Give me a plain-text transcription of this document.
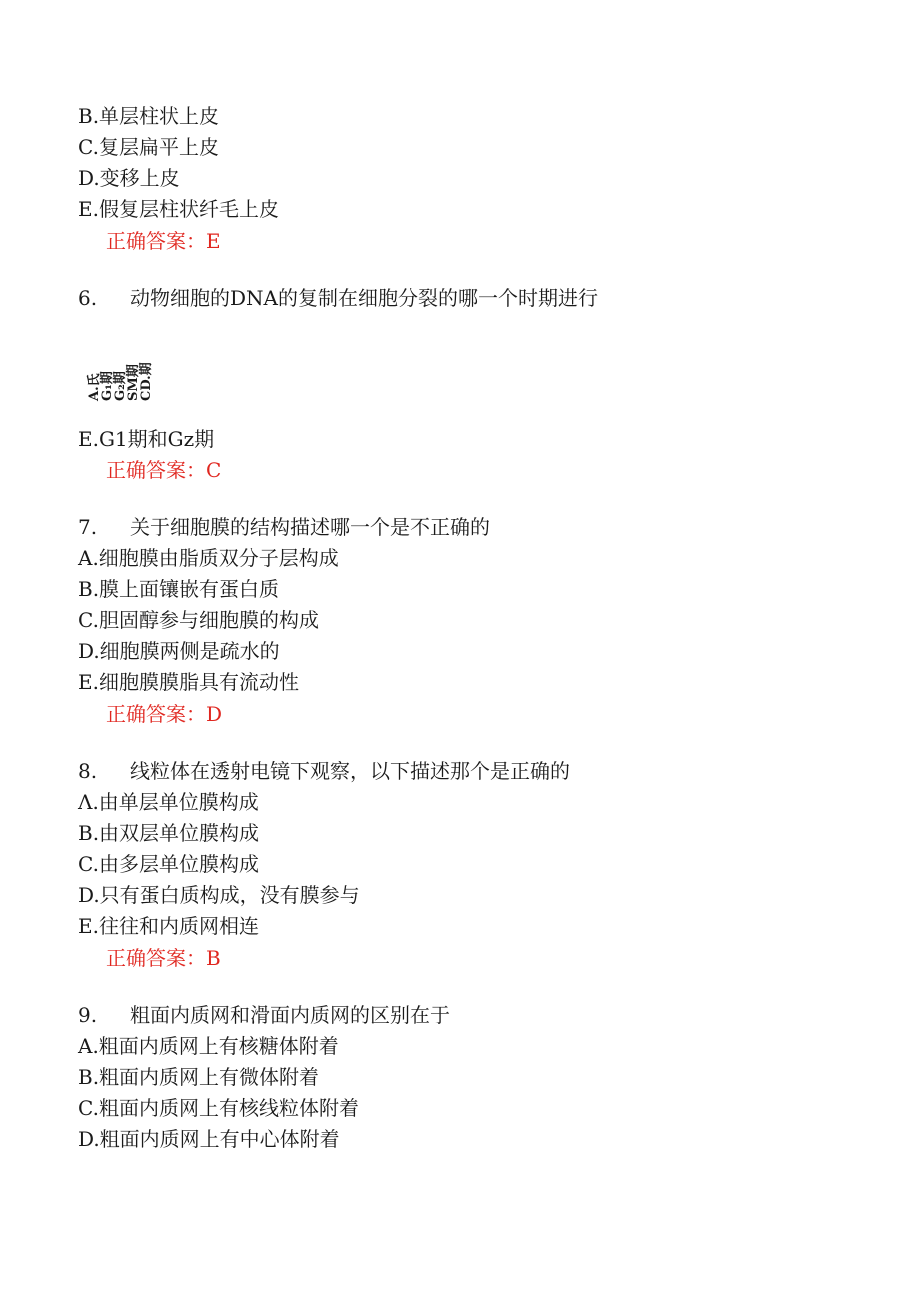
B.单层柱状上皮
C.复层扁平上皮
D.变移上皮
E.假复层柱状纤毛上皮
正确答案：E
6. 动物细胞的DNA的复制在细胞分裂的哪一个时期进行
A.氏
G₁期
G₂期
SM期
CD.期
E.G1期和Gz期
正确答案：C
7. 关于细胞膜的结构描述哪一个是不正确的
A.细胞膜由脂质双分子层构成
B.膜上面镶嵌有蛋白质
C.胆固醇参与细胞膜的构成
D.细胞膜两侧是疏水的
E.细胞膜膜脂具有流动性
正确答案：D
8. 线粒体在透射电镜下观察，以下描述那个是正确的
Λ.由单层单位膜构成
B.由双层单位膜构成
C.由多层单位膜构成
D.只有蛋白质构成，没有膜参与
E.往往和内质网相连
正确答案：B
9. 粗面内质网和滑面内质网的区别在于
A.粗面内质网上有核糖体附着
B.粗面内质网上有微体附着
C.粗面内质网上有核线粒体附着
D.粗面内质网上有中心体附着
